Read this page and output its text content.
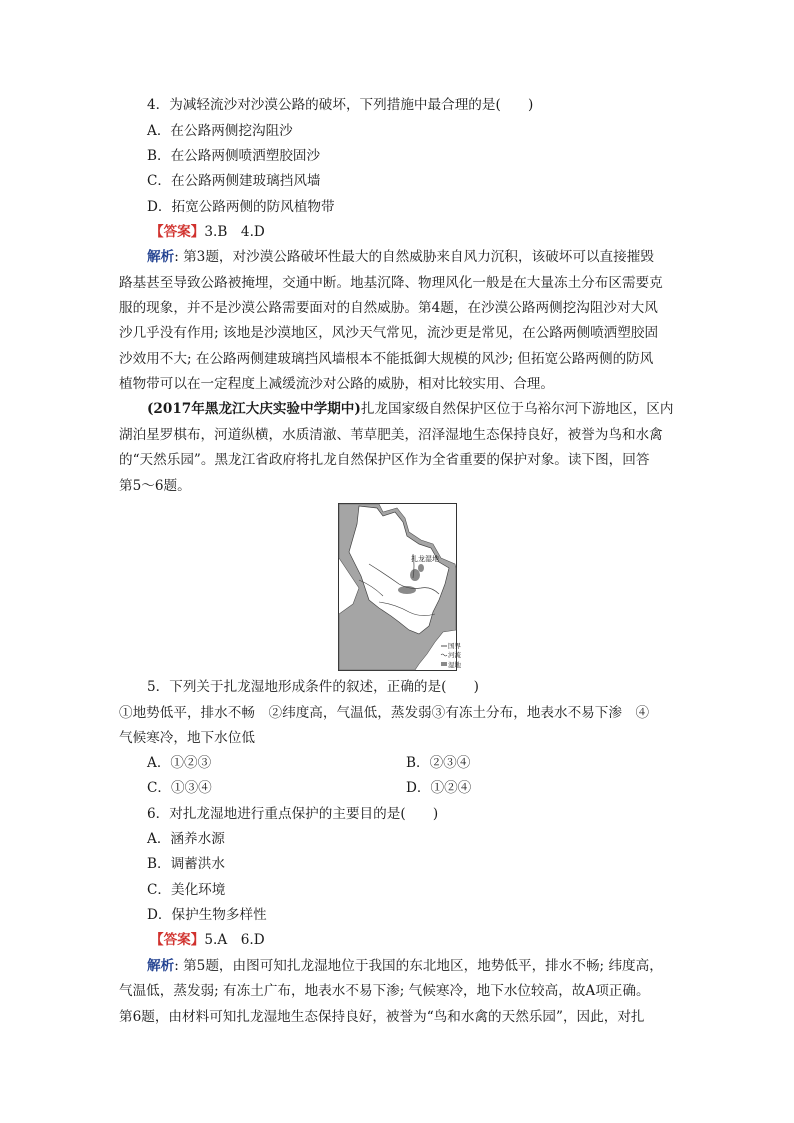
4．为减轻流沙对沙漠公路的破坏，下列措施中最合理的是(　　)
A．在公路两侧挖沟阻沙
B．在公路两侧喷洒塑胶固沙
C．在公路两侧建玻璃挡风墙
D．拓宽公路两侧的防风植物带
【答案】3.B　4.D
解析: 第3题，对沙漠公路破坏性最大的自然威胁来自风力沉积，该破坏可以直接摧毁
路基甚至导致公路被掩埋，交通中断。地基沉降、物理风化一般是在大量冻土分布区需要克
服的现象，并不是沙漠公路需要面对的自然威胁。第4题，在沙漠公路两侧挖沟阻沙对大风
沙几乎没有作用; 该地是沙漠地区，风沙天气常见，流沙更是常见，在公路两侧喷洒塑胶固
沙效用不大; 在公路两侧建玻璃挡风墙根本不能抵御大规模的风沙; 但拓宽公路两侧的防风
植物带可以在一定程度上减缓流沙对公路的威胁，相对比较实用、合理。
(2017年黑龙江大庆实验中学期中)扎龙国家级自然保护区位于乌裕尔河下游地区，区内
湖泊星罗棋布，河道纵横，水质清澈、苇草肥美，沼泽湿地生态保持良好，被誉为鸟和水禽
的“天然乐园”。黑龙江省政府将扎龙自然保护区作为全省重要的保护对象。读下图，回答
第5～6题。
扎龙湿地
国界
河流
湿地
5．下列关于扎龙湿地形成条件的叙述，正确的是(　　)
①地势低平，排水不畅　②纬度高，气温低，蒸发弱③有冻土分布，地表水不易下渗　④
气候寒冷，地下水位低
A．①②③	B．②③④
C．①③④	D．①②④
6．对扎龙湿地进行重点保护的主要目的是(　　)
A．涵养水源
B．调蓄洪水
C．美化环境
D．保护生物多样性
【答案】5.A　6.D
解析: 第5题，由图可知扎龙湿地位于我国的东北地区，地势低平，排水不畅; 纬度高，
气温低，蒸发弱; 有冻土广布，地表水不易下渗; 气候寒冷，地下水位较高，故A项正确。
第6题，由材料可知扎龙湿地生态保持良好，被誉为“鸟和水禽的天然乐园”，因此，对扎
